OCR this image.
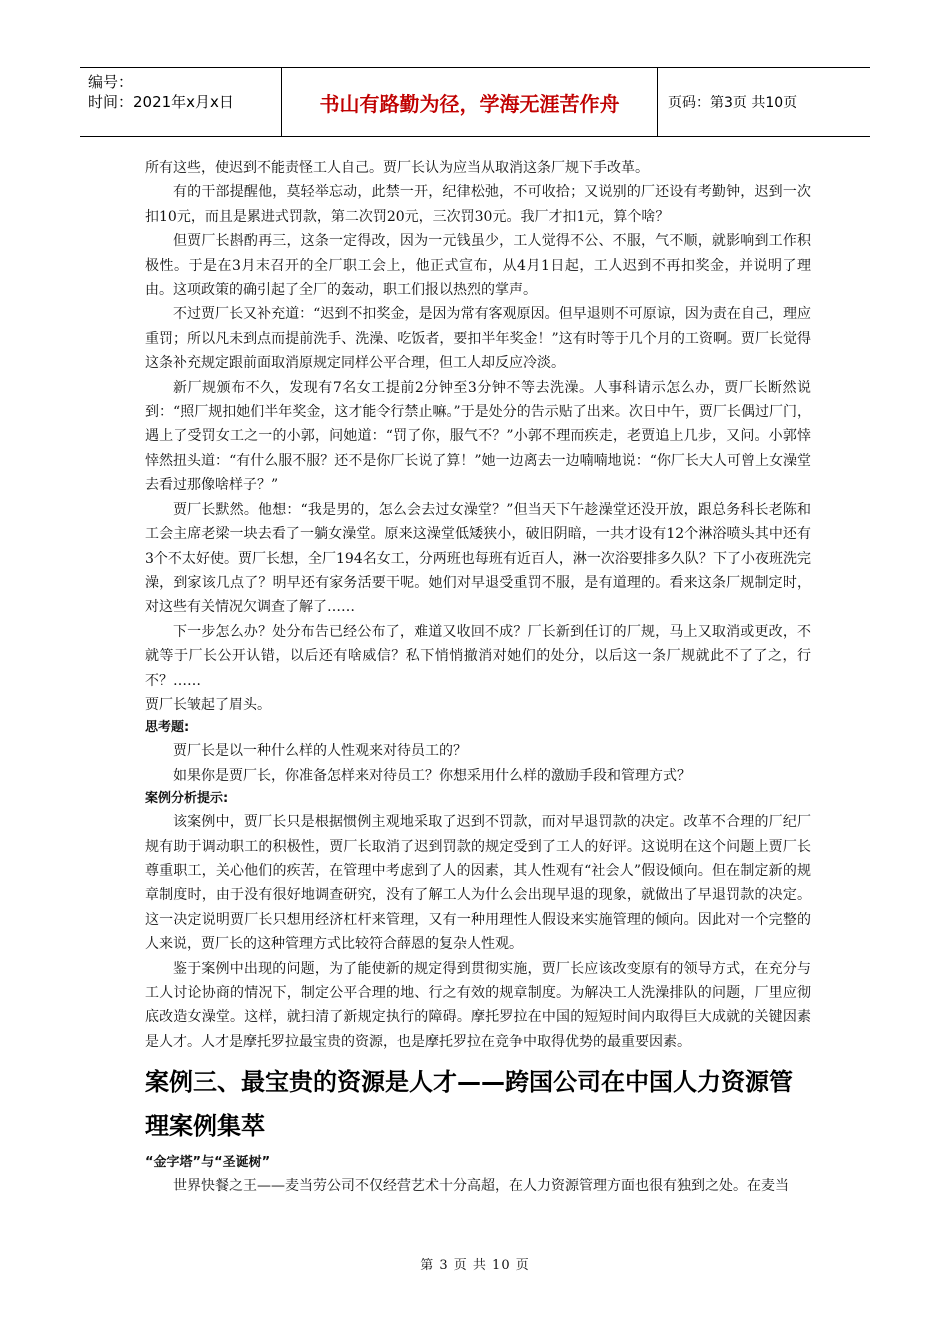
编号：
时间：2021年x月x日	书山有路勤为径，学海无涯苦作舟	页码：第3页 共10页

所有这些，使迟到不能责怪工人自己。贾厂长认为应当从取消这条厂规下手改革。

有的干部提醒他，莫轻举忘动，此禁一开，纪律松弛，不可收拾；又说别的厂还设有考勤钟，迟到一次扣10元，而且是累进式罚款，第二次罚20元，三次罚30元。我厂才扣1元，算个啥？

但贾厂长斟酌再三，这条一定得改，因为一元钱虽少，工人觉得不公、不服，气不顺，就影响到工作积极性。于是在3月末召开的全厂职工会上，他正式宣布，从4月1日起，工人迟到不再扣奖金，并说明了理由。这项政策的确引起了全厂的轰动，职工们报以热烈的掌声。

不过贾厂长又补充道：“迟到不扣奖金，是因为常有客观原因。但早退则不可原谅，因为责在自己，理应重罚；所以凡未到点而提前洗手、洗澡、吃饭者，要扣半年奖金！”这有时等于几个月的工资啊。贾厂长觉得这条补充规定跟前面取消原规定同样公平合理，但工人却反应冷淡。

新厂规颁布不久，发现有7名女工提前2分钟至3分钟不等去洗澡。人事科请示怎么办，贾厂长断然说到：“照厂规扣她们半年奖金，这才能令行禁止嘛。”于是处分的告示贴了出来。次日中午，贾厂长偶过厂门，遇上了受罚女工之一的小郭，问她道：“罚了你，服气不？”小郭不理而疾走，老贾追上几步，又问。小郭悻悻然扭头道：“有什么服不服？还不是你厂长说了算！”她一边离去一边喃喃地说：“你厂长大人可曾上女澡堂去看过那像啥样子？”

贾厂长默然。他想：“我是男的，怎么会去过女澡堂？”但当天下午趁澡堂还没开放，跟总务科长老陈和工会主席老梁一块去看了一躺女澡堂。原来这澡堂低矮狭小，破旧阴暗，一共才设有12个淋浴喷头其中还有3个不太好使。贾厂长想，全厂194名女工，分两班也每班有近百人，淋一次浴要排多久队？下了小夜班洗完澡，到家该几点了？明早还有家务活要干呢。她们对早退受重罚不服，是有道理的。看来这条厂规制定时，对这些有关情况欠调查了解了……

下一步怎么办？处分布告已经公布了，难道又收回不成？厂长新到任订的厂规，马上又取消或更改，不就等于厂长公开认错，以后还有啥威信？私下悄悄撤消对她们的处分，以后这一条厂规就此不了了之，行不？……

贾厂长皱起了眉头。

思考题:

贾厂长是以一种什么样的人性观来对待员工的？

如果你是贾厂长，你准备怎样来对待员工？你想采用什么样的激励手段和管理方式？

案例分析提示:

该案例中，贾厂长只是根据惯例主观地采取了迟到不罚款，而对早退罚款的决定。改革不合理的厂纪厂规有助于调动职工的积极性，贾厂长取消了迟到罚款的规定受到了工人的好评。这说明在这个问题上贾厂长尊重职工，关心他们的疾苦，在管理中考虑到了人的因素，其人性观有“社会人”假设倾向。但在制定新的规章制度时，由于没有很好地调查研究，没有了解工人为什么会出现早退的现象，就做出了早退罚款的决定。这一决定说明贾厂长只想用经济杠杆来管理，又有一种用理性人假设来实施管理的倾向。因此对一个完整的人来说，贾厂长的这种管理方式比较符合薛恩的复杂人性观。

鉴于案例中出现的问题，为了能使新的规定得到贯彻实施，贾厂长应该改变原有的领导方式，在充分与工人讨论协商的情况下，制定公平合理的地、行之有效的规章制度。为解决工人洗澡排队的问题，厂里应彻底改造女澡堂。这样，就扫清了新规定执行的障碍。摩托罗拉在中国的短短时间内取得巨大成就的关键因素是人才。人才是摩托罗拉最宝贵的资源，也是摩托罗拉在竞争中取得优势的最重要因素。

案例三、最宝贵的资源是人才——跨国公司在中国人力资源管理案例集萃

“金字塔”与“圣诞树”

世界快餐之王——麦当劳公司不仅经营艺术十分高超，在人力资源管理方面也很有独到之处。在麦当

第 3 页 共 10 页
